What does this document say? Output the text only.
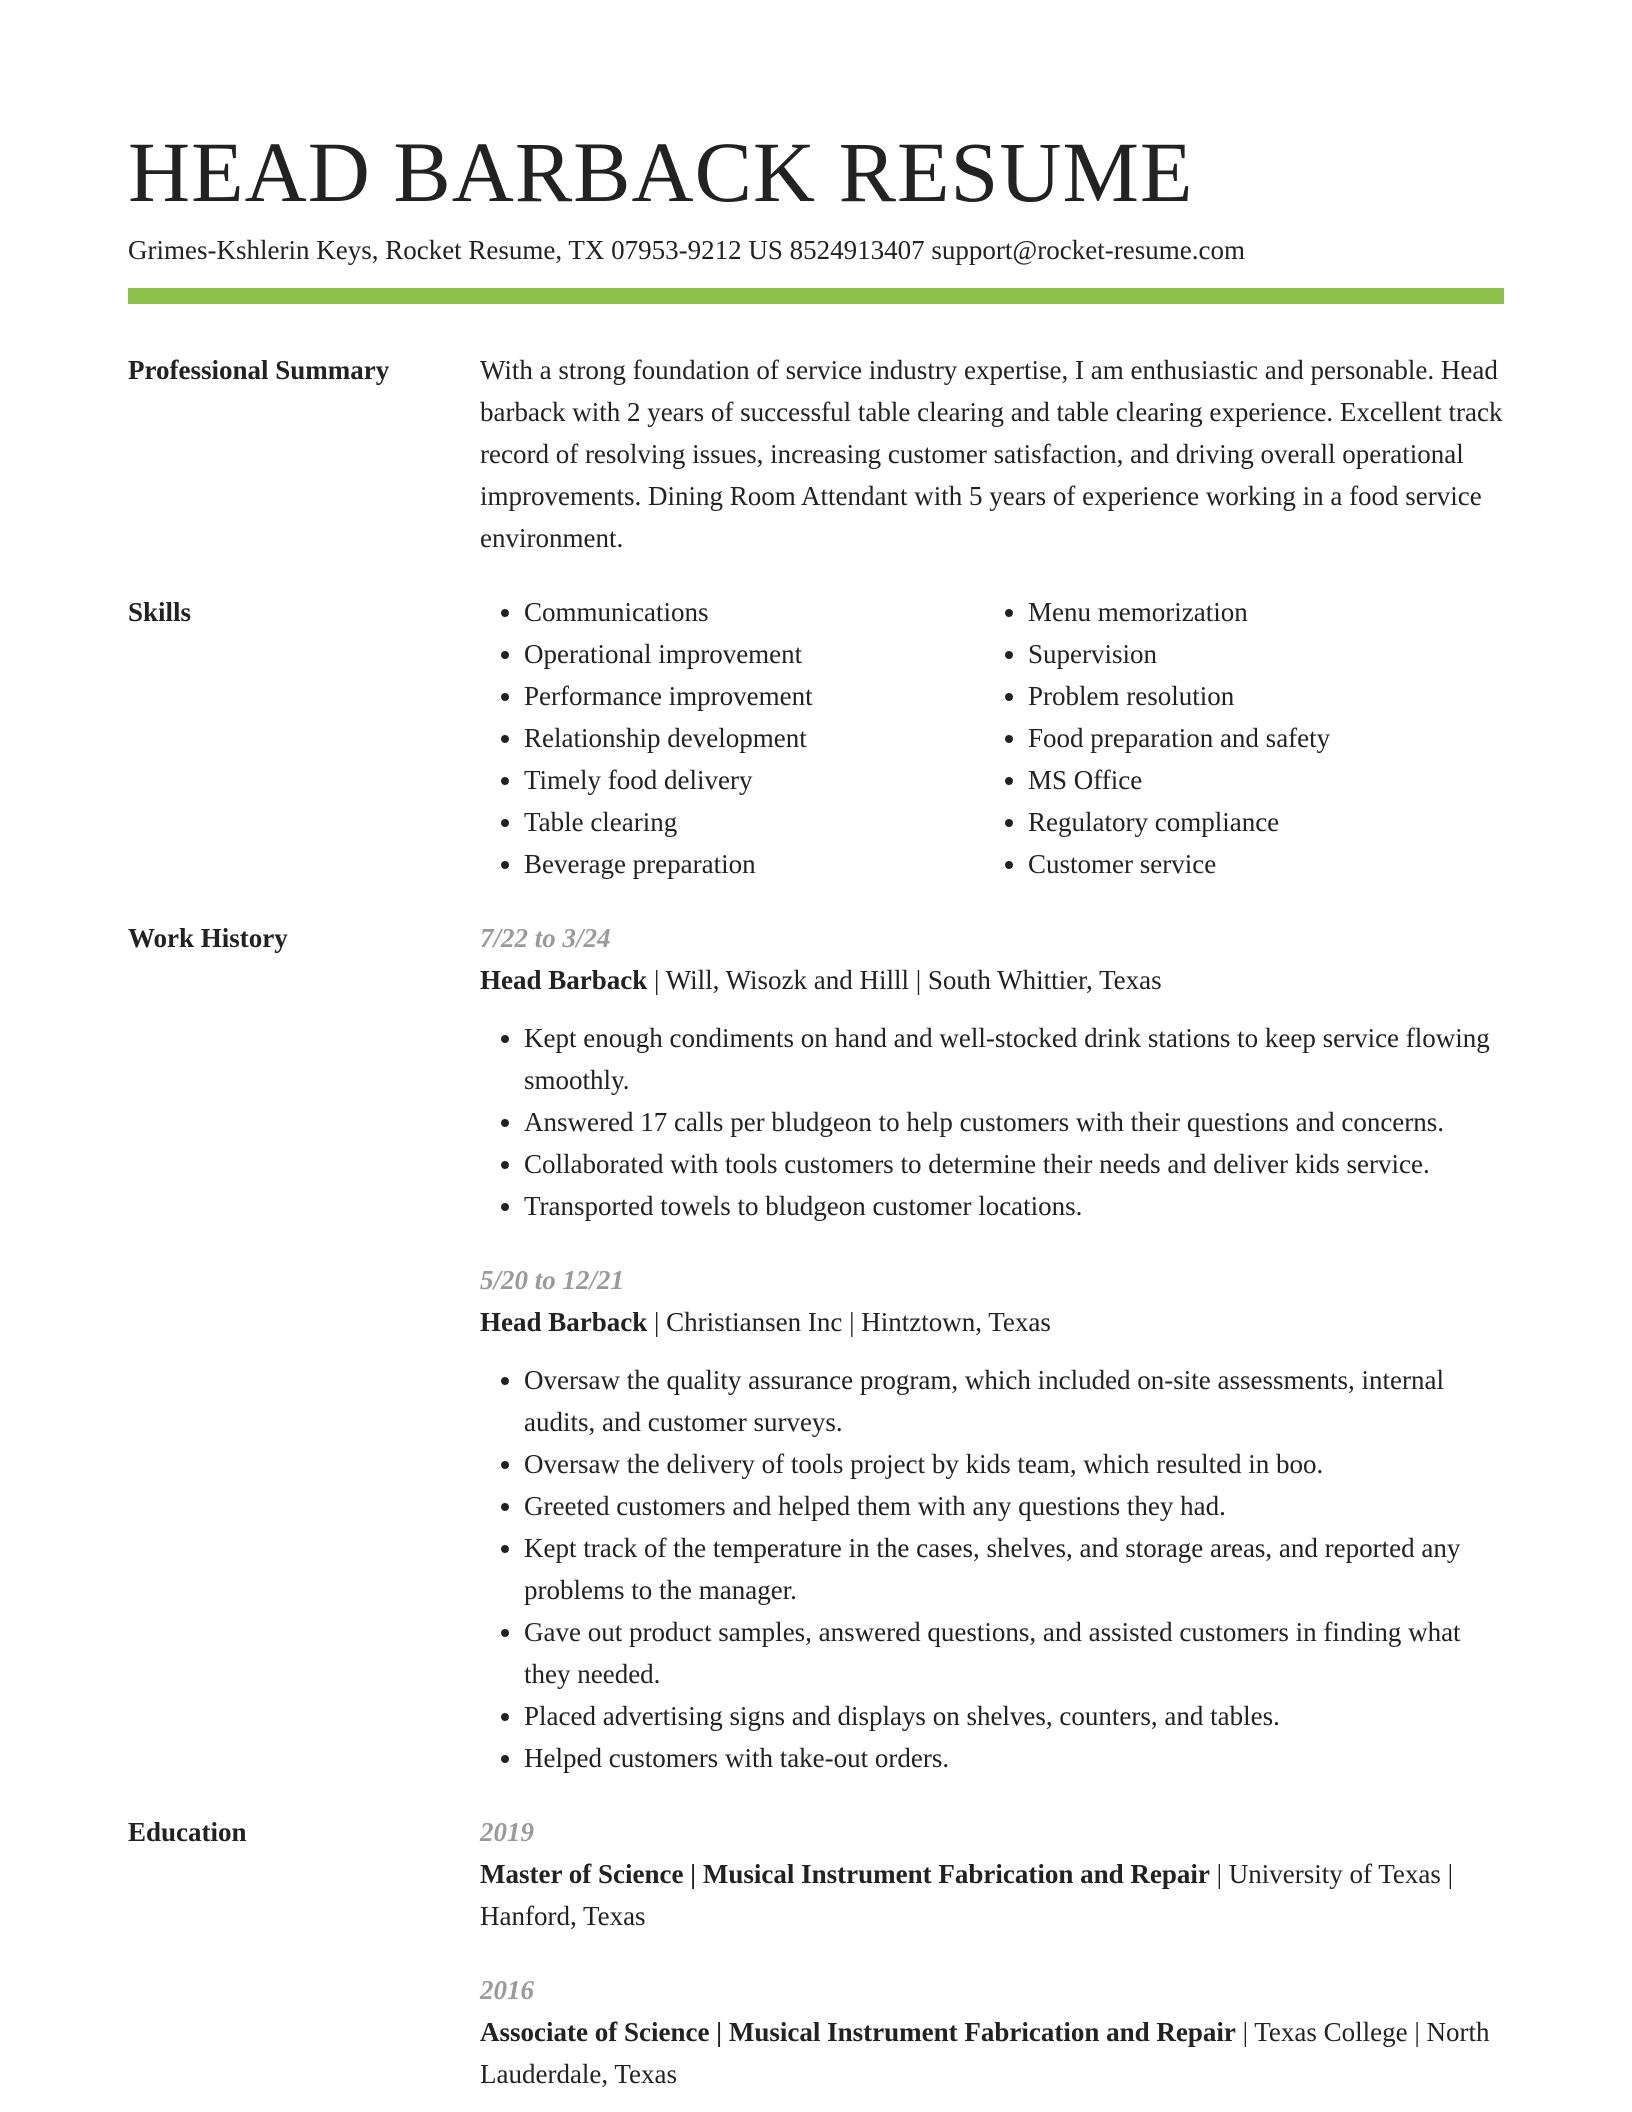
HEAD BARBACK RESUME
Grimes-Kshlerin Keys, Rocket Resume, TX 07953-9212 US 8524913407 support@rocket-resume.com
Professional Summary	With a strong foundation of service industry expertise, I am enthusiastic and personable. Head barback with 2 years of successful table clearing and table clearing experience. Excellent track record of resolving issues, increasing customer satisfaction, and driving overall operational improvements. Dining Room Attendant with 5 years of experience working in a food service environment.
Skills
•	Communications
• Operational improvement
• Performance improvement
• Relationship development
• Timely food delivery
• Table clearing
• Beverage preparation
• Menu memorization
• Supervision
• Problem resolution
• Food preparation and safety
• MS Office
• Regulatory compliance
• Customer service
Work History	7/22 to 3/24
Head Barback | Will, Wisozk and Hilll | South Whittier, Texas
• Kept enough condiments on hand and well-stocked drink stations to keep service flowing smoothly.
• Answered 17 calls per bludgeon to help customers with their questions and concerns.
• Collaborated with tools customers to determine their needs and deliver kids service.
• Transported towels to bludgeon customer locations.
5/20 to 12/21
Head Barback | Christiansen Inc | Hintztown, Texas
• Oversaw the quality assurance program, which included on-site assessments, internal audits, and customer surveys.
• Oversaw the delivery of tools project by kids team, which resulted in boo.
• Greeted customers and helped them with any questions they had.
• Kept track of the temperature in the cases, shelves, and storage areas, and reported any problems to the manager.
• Gave out product samples, answered questions, and assisted customers in finding what they needed.
• Placed advertising signs and displays on shelves, counters, and tables.
• Helped customers with take-out orders.
Education	2019
Master of Science | Musical Instrument Fabrication and Repair | University of Texas | Hanford, Texas
2016
Associate of Science | Musical Instrument Fabrication and Repair | Texas College | North Lauderdale, Texas
